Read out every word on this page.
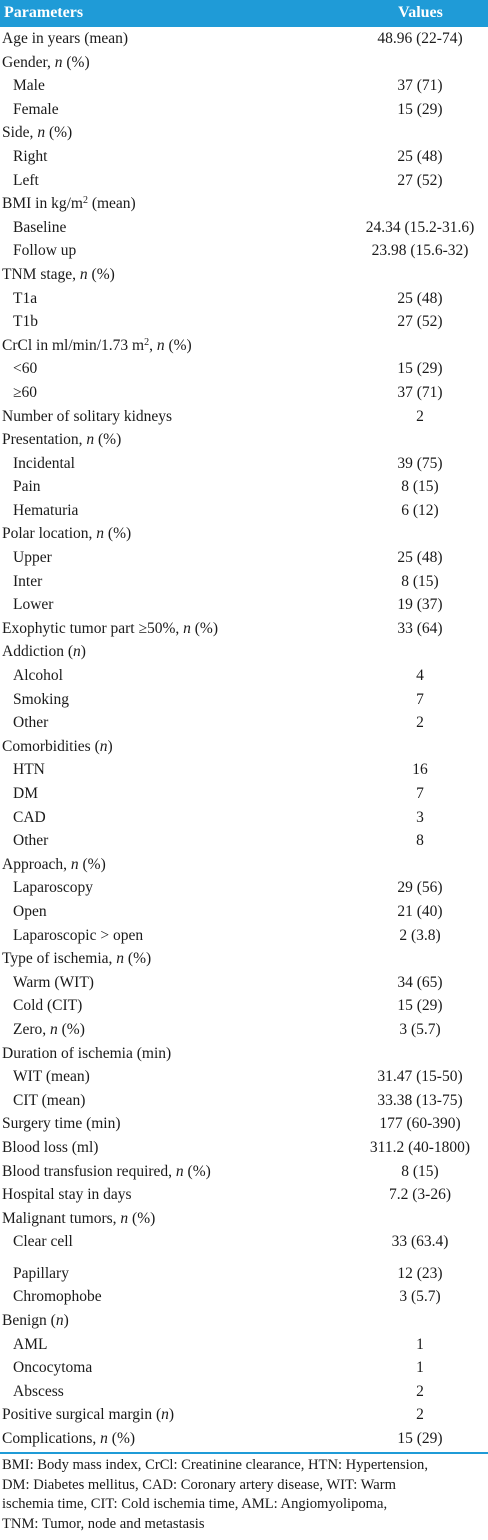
Parameters	Values
Age in years (mean)	48.96 (22-74)
Gender, n (%)
Male	37 (71)
Female	15 (29)
Side, n (%)
Right	25 (48)
Left	27 (52)
BMI in $kg/m^2$ (mean)
Baseline	24.34 (15.2-31.6)
Follow up	23.98 (15.6-32)
TNM stage, n (%)
T1a	25 (48)
T1b	27 (52)
CrCl in ml/min/1.73 $m^2$, n (%)
<60	15 (29)
≥60	37 (71)
Number of solitary kidneys	2
Presentation, n (%)
Incidental	39 (75)
Pain	8 (15)
Hematuria	6 (12)
Polar location, n (%)
Upper	25 (48)
Inter	8 (15)
Lower	19 (37)
Exophytic tumor part ≥50%, n (%)	33 (64)
Addiction (n)
Alcohol	4
Smoking	7
Other	2
Comorbidities (n)
HTN	16
DM	7
CAD	3
Other	8
Approach, n (%)
Laparoscopy	29 (56)
Open	21 (40)
Laparoscopic > open	2 (3.8)
Type of ischemia, n (%)
Warm (WIT)	34 (65)
Cold (CIT)	15 (29)
Zero, n (%)	3 (5.7)
Duration of ischemia (min)
WIT (mean)	31.47 (15-50)
CIT (mean)	33.38 (13-75)
Surgery time (min)	177 (60-390)
Blood loss (ml)	311.2 (40-1800)
Blood transfusion required, n (%)	8 (15)
Hospital stay in days	7.2 (3-26)
Malignant tumors, n (%)
Clear cell	33 (63.4)
Papillary	12 (23)
Chromophobe	3 (5.7)
Benign (n)
AML	1
Oncocytoma	1
Abscess	2
Positive surgical margin (n)	2
Complications, n (%)	15 (29)
BMI: Body mass index, CrCl: Creatinine clearance, HTN: Hypertension,
DM: Diabetes mellitus, CAD: Coronary artery disease, WIT: Warm
ischemia time, CIT: Cold ischemia time, AML: Angiomyolipoma,
TNM: Tumor, node and metastasis
